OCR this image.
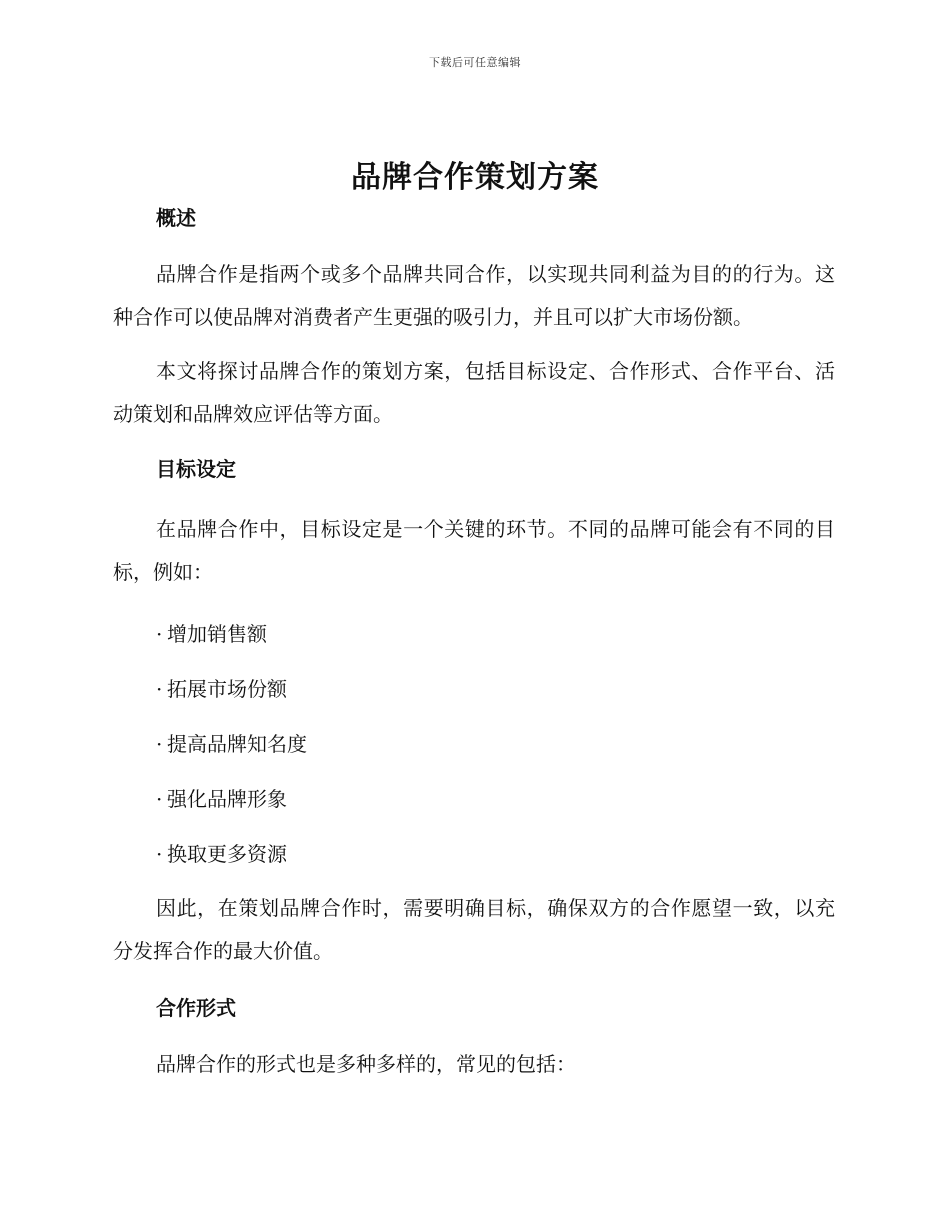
下载后可任意编辑
品牌合作策划方案
概述

品牌合作是指两个或多个品牌共同合作，以实现共同利益为目的的行为。这种合作可以使品牌对消费者产生更强的吸引力，并且可以扩大市场份额。

本文将探讨品牌合作的策划方案，包括目标设定、合作形式、合作平台、活动策划和品牌效应评估等方面。

目标设定

在品牌合作中，目标设定是一个关键的环节。不同的品牌可能会有不同的目标，例如：

· 增加销售额

· 拓展市场份额

· 提高品牌知名度

· 强化品牌形象

· 换取更多资源

因此，在策划品牌合作时，需要明确目标，确保双方的合作愿望一致，以充分发挥合作的最大价值。

合作形式

品牌合作的形式也是多种多样的，常见的包括：
